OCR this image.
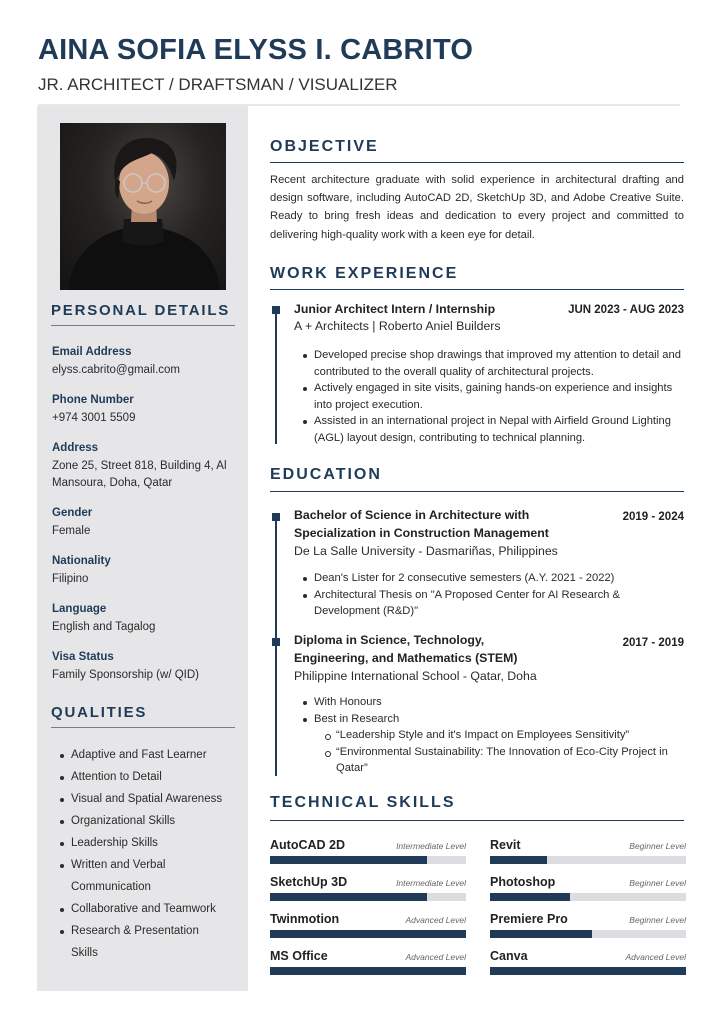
AINA SOFIA ELYSS I. CABRITO
JR. ARCHITECT / DRAFTSMAN / VISUALIZER
PERSONAL DETAILS
Email Address
elyss.cabrito@gmail.com
Phone Number
+974 3001 5509
Address
Zone 25, Street 818, Building 4, Al Mansoura, Doha, Qatar
Gender
Female
Nationality
Filipino
Language
English and Tagalog
Visa Status
Family Sponsorship (w/ QID)
QUALITIES
Adaptive and Fast Learner
Attention to Detail
Visual and Spatial Awareness
Organizational Skills
Leadership Skills
Written and Verbal Communication
Collaborative and Teamwork
Research & Presentation Skills
OBJECTIVE
Recent architecture graduate with solid experience in architectural drafting and design software, including AutoCAD 2D, SketchUp 3D, and Adobe Creative Suite. Ready to bring fresh ideas and dedication to every project and committed to delivering high-quality work with a keen eye for detail.
WORK EXPERIENCE
Junior Architect Intern / Internship	JUN 2023 - AUG 2023
A + Architects | Roberto Aniel Builders
Developed precise shop drawings that improved my attention to detail and contributed to the overall quality of architectural projects.
Actively engaged in site visits, gaining hands-on experience and insights into project execution.
Assisted in an international project in Nepal with Airfield Ground Lighting (AGL) layout design, contributing to technical planning.
EDUCATION
Bachelor of Science in Architecture with
Specialization in Construction Management
2019 - 2024
De La Salle University - Dasmariñas, Philippines
Dean's Lister for 2 consecutive semesters (A.Y. 2021 - 2022)
Architectural Thesis on "A Proposed Center for AI Research & Development (R&D)"
Diploma in Science, Technology,
Engineering, and Mathematics (STEM)
2017 - 2019
Philippine International School - Qatar, Doha
With Honours
Best in Research
“Leadership Style and it's Impact on Employees Sensitivity”
“Environmental Sustainability: The Innovation of Eco-City Project in Qatar”
TECHNICAL SKILLS
AutoCAD 2D	Intermediate Level Revit	Beginner Level
SketchUp 3D	Intermediate Level Photoshop	Beginner Level
Twinmotion	Advanced Level Premiere Pro	Beginner Level
MS Office	Advanced Level Canva	Advanced Level
